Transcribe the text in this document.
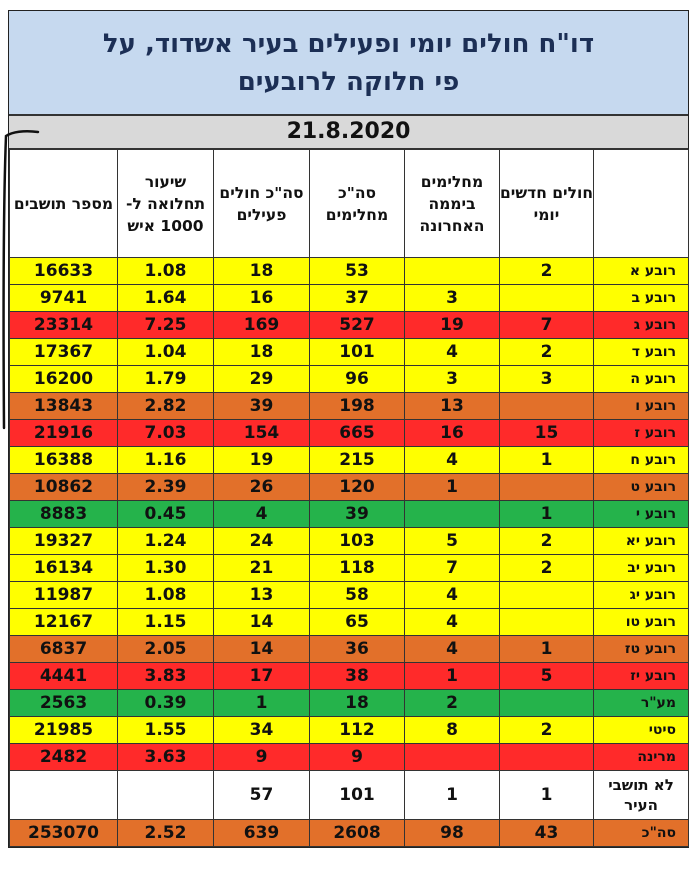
דו"ח חולים יומי ופעילים בעיר אשדוד, על פי חלוקה לרובעים
21.8.2020
	חולים חדשים יומי	מחלימים ביממה האחרונה	סה"כ מחלימים	סה"כ חולים פעילים	שיעור תחלואה ל- 1000 איש	מספר תושבים
רובע א	2		53	18	1.08	16633
רובע ב		3	37	16	1.64	9741
רובע ג	7	19	527	169	7.25	23314
רובע ד	2	4	101	18	1.04	17367
רובע ה	3	3	96	29	1.79	16200
רובע ו		13	198	39	2.82	13843
רובע ז	15	16	665	154	7.03	21916
רובע ח	1	4	215	19	1.16	16388
רובע ט		1	120	26	2.39	10862
רובע י	1		39	4	0.45	8883
רובע יא	2	5	103	24	1.24	19327
רובע יב	2	7	118	21	1.30	16134
רובע יג		4	58	13	1.08	11987
רובע טו		4	65	14	1.15	12167
רובע טז	1	4	36	14	2.05	6837
רובע יז	5	1	38	17	3.83	4441
מע"ר		2	18	1	0.39	2563
סיטי	2	8	112	34	1.55	21985
מרינה			9	9	3.63	2482
לא תושבי העיר	1	1	101	57		
סה"כ	43	98	2608	639	2.52	253070
